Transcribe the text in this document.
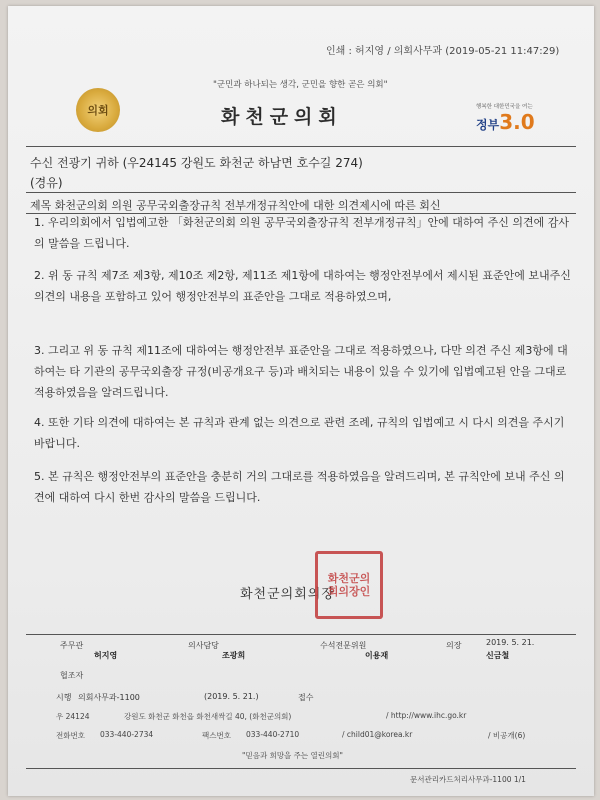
인쇄 : 허지영 / 의회사무과 (2019-05-21 11:47:29)
"군민과 하나되는 생각, 군민을 향한 곧은 의회"
의회	화천군의회	행복한 대한민국을 여는
정부3.0
수신 전광기 귀하 (우24145 강원도 화천군 하남면 호수길 274)
(경유)
제목 화천군의회 의원 공무국외출장규칙 전부개정규칙안에 대한 의견제시에 따른 회신
1. 우리의회에서 입법예고한 「화천군의회 의원 공무국외출장규칙 전부개정규칙」안에 대하여 주신 의견에 감사의 말씀을 드립니다.
2. 위 동 규칙 제7조 제3항, 제10조 제2항, 제11조 제1항에 대하여는 행정안전부에서 제시된 표준안에 보내주신 의견의 내용을 포함하고 있어 행정안전부의 표준안을 그대로 적용하였으며,
3. 그리고 위 동 규칙 제11조에 대하여는 행정안전부 표준안을 그대로 적용하였으나, 다만 의견 주신 제3항에 대하여는 타 기관의 공무국외출장 규정(비공개요구 등)과 배치되는 내용이 있을 수 있기에 입법예고된 안을 그대로 적용하였음을 알려드립니다.
4. 또한 기타 의견에 대하여는 본 규칙과 관계 없는 의견으로 관련 조례, 규칙의 입법예고 시 다시 의견을 주시기 바랍니다.
5. 본 규칙은 행정안전부의 표준안을 충분히 거의 그대로를 적용하였음을 알려드리며, 본 규칙안에 보내 주신 의견에 대하여 다시 한번 감사의 말씀을 드립니다.
화천군의회의장
화천군의회의장인
주무관
허지영
의사담당
조광희
수석전문위원
이용재
의장	2019. 5. 21.
신금철
협조자
시행 의회사무과-1100	(2019. 5. 21.)	접수
우 24124	강원도 화천군 화천읍 화천새싹길 40, (화천군의회)	/ http://www.ihc.go.kr
전화번호 033-440-2734	팩스번호 033-440-2710	/ child01@korea.kr	/ 비공개(6)
"믿음과 희망을 주는 열린의회"
문서관리카드처리사무과-1100 1/1
